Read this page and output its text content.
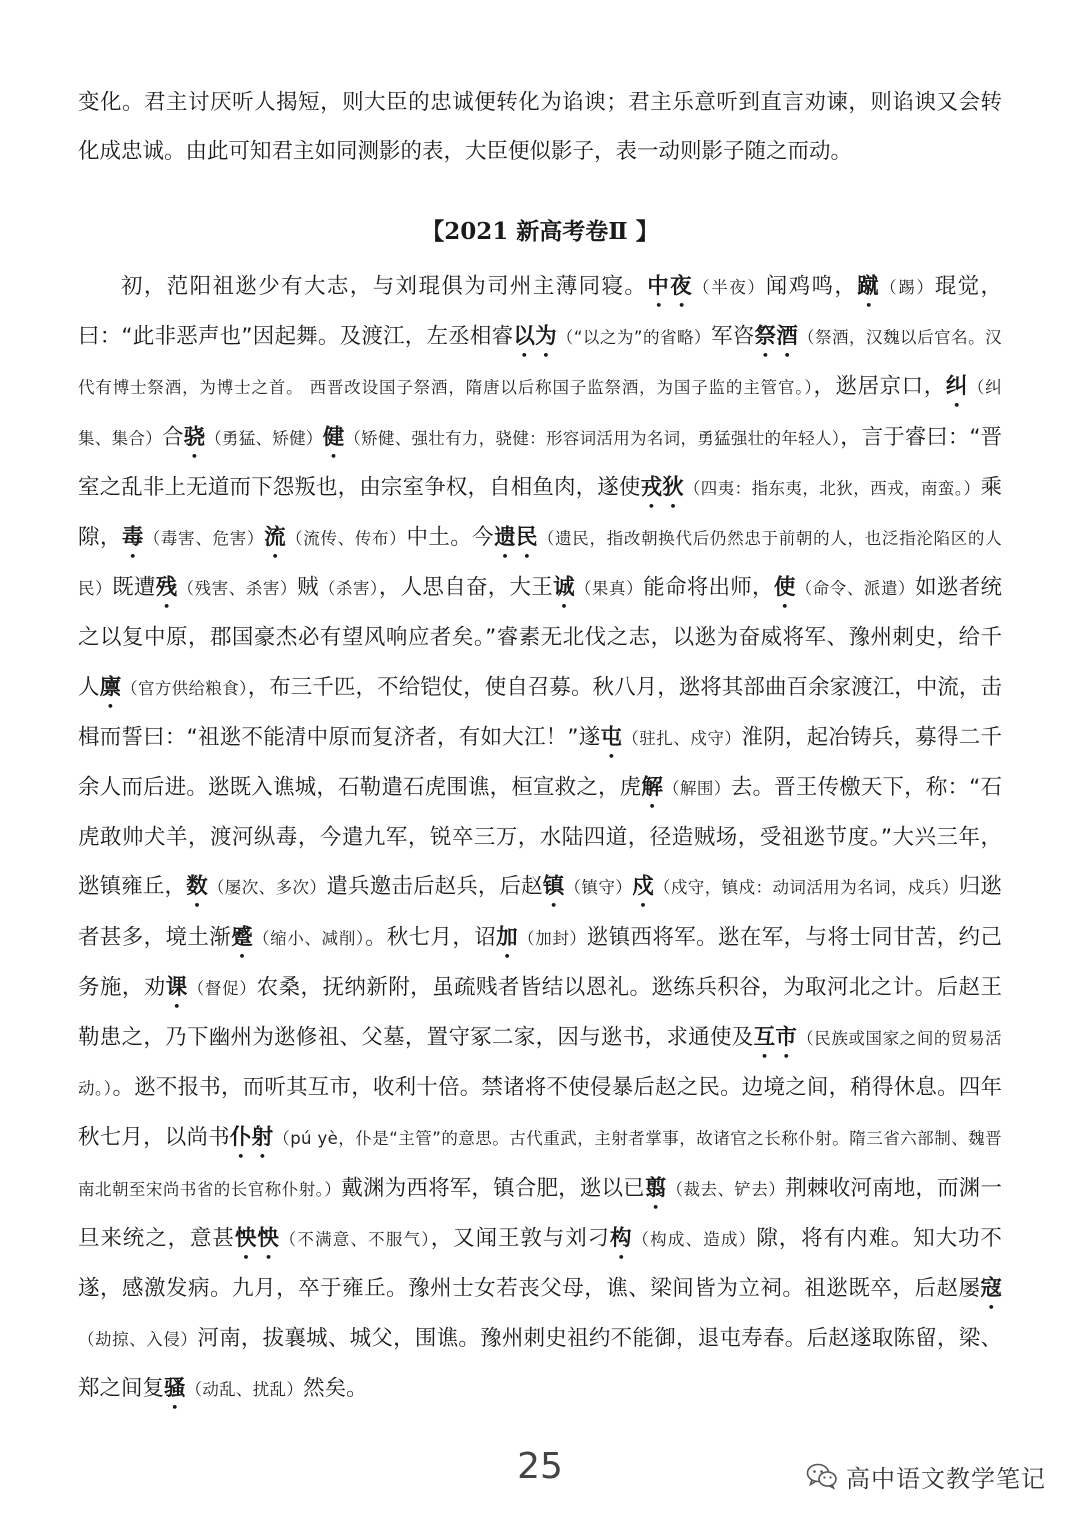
变化。君主讨厌听人揭短，则大臣的忠诚便转化为谄谀；君主乐意听到直言劝谏，则谄谀又会转化成忠诚。由此可知君主如同测影的表，大臣便似影子，表一动则影子随之而动。

【2021 新高考卷Ⅱ 】

初，范阳祖逖少有大志，与刘琨俱为司州主薄同寝。中夜（半夜）闻鸡鸣，蹴（踢）琨觉，曰：“此非恶声也”因起舞。及渡江，左丞相睿以为（“以之为”的省略）军咨祭酒（祭酒，汉魏以后官名。汉代有博士祭酒，为博士之首。 西晋改设国子祭酒，隋唐以后称国子监祭酒，为国子监的主管官。），逖居京口，纠（纠集、集合）合骁（勇猛、矫健）健（矫健、强壮有力，骁健：形容词活用为名词，勇猛强壮的年轻人），言于睿曰：“晋室之乱非上无道而下怨叛也，由宗室争权，自相鱼肉，遂使戎狄（四夷：指东夷，北狄，西戎，南蛮。）乘隙，毒（毒害、危害）流（流传、传布）中土。今遗民（遗民，指改朝换代后仍然忠于前朝的人，也泛指沦陷区的人民）既遭残（残害、杀害）贼（杀害），人思自奋，大王诚（果真）能命将出师，使（命令、派遣）如逖者统之以复中原，郡国豪杰必有望风响应者矣。”睿素无北伐之志，以逖为奋威将军、豫州刺史，给千人廪（官方供给粮食），布三千匹，不给铠仗，使自召募。秋八月，逖将其部曲百余家渡江，中流，击楫而誓曰：“祖逖不能清中原而复济者，有如大江！”遂屯（驻扎、戍守）淮阴，起冶铸兵，募得二千余人而后进。逖既入谯城，石勒遣石虎围谯，桓宣救之，虎解（解围）去。晋王传檄天下，称：“石虎敢帅犬羊，渡河纵毒，今遣九军，锐卒三万，水陆四道，径造贼场，受祖逖节度。”大兴三年，逖镇雍丘，数（屡次、多次）遣兵邀击后赵兵，后赵镇（镇守）戍（戍守，镇戍：动词活用为名词，戍兵）归逖者甚多，境土渐蹙（缩小、减削）。秋七月，诏加（加封）逖镇西将军。逖在军，与将士同甘苦，约己务施，劝课（督促）农桑，抚纳新附，虽疏贱者皆结以恩礼。逖练兵积谷，为取河北之计。后赵王勒患之，乃下幽州为逖修祖、父墓，置守冢二家，因与逖书，求通使及互市（民族或国家之间的贸易活动。）。逖不报书，而听其互市，收利十倍。禁诸将不使侵暴后赵之民。边境之间，稍得休息。四年秋七月，以尚书仆射（pú yè，仆是“主管”的意思。古代重武，主射者掌事，故诸官之长称仆射。隋三省六部制、魏晋南北朝至宋尚书省的长官称仆射。）戴渊为西将军，镇合肥，逖以已翦（裁去、铲去）荆棘收河南地，而渊一旦来统之，意甚怏怏（不满意、不服气），又闻王敦与刘刁构（构成、造成）隙，将有内难。知大功不遂，感激发病。九月，卒于雍丘。豫州士女若丧父母，谯、梁间皆为立祠。祖逖既卒，后赵屡寇（劫掠、入侵）河南，拔襄城、城父，围谯。豫州刺史祖约不能御，退屯寿春。后赵遂取陈留，梁、郑之间复骚（动乱、扰乱）然矣。

25	高中语文教学笔记
